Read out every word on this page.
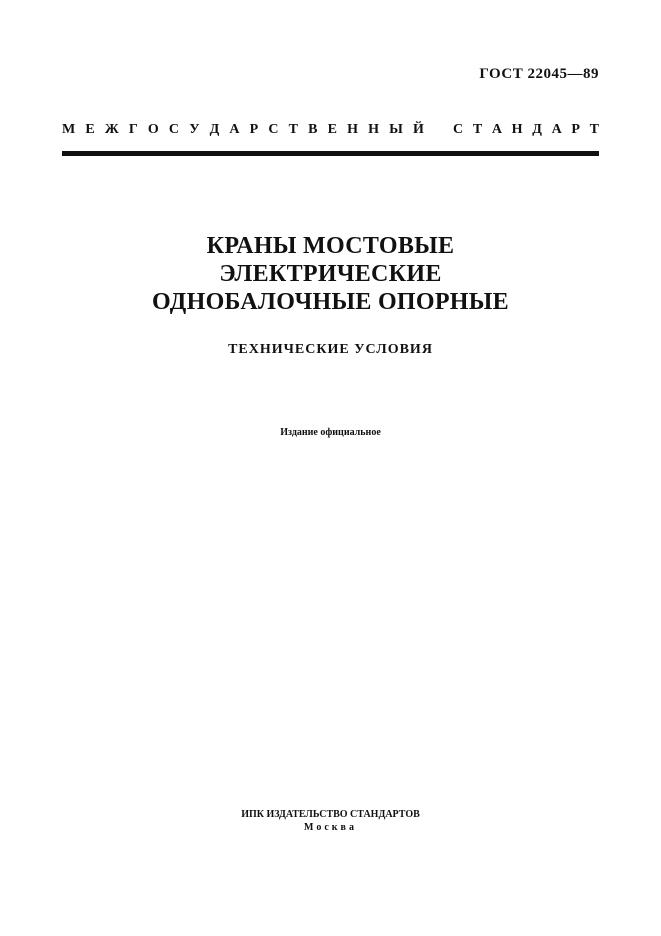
ГОСТ 22045—89
М Е Ж Г О С У Д А Р С Т В Е Н Н Ы Й С Т А Н Д А Р Т
КРАНЫ МОСТОВЫЕ
ЭЛЕКТРИЧЕСКИЕ
ОДНОБАЛОЧНЫЕ ОПОРНЫЕ
ТЕХНИЧЕСКИЕ УСЛОВИЯ
Издание официальное
ИПК ИЗДАТЕЛЬСТВО СТАНДАРТОВ
Москва
